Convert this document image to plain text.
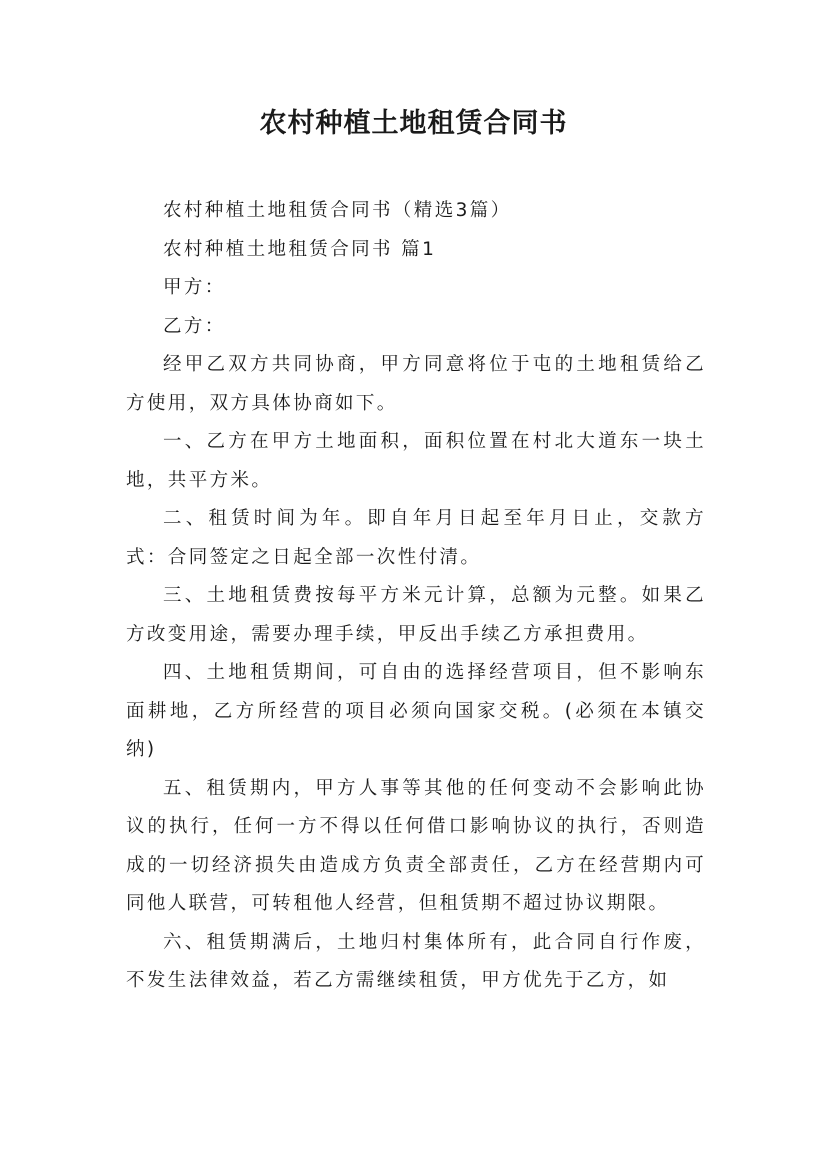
农村种植土地租赁合同书

农村种植土地租赁合同书（精选3篇）

农村种植土地租赁合同书 篇1

甲方：

乙方：

经甲乙双方共同协商，甲方同意将位于屯的土地租赁给乙方使用，双方具体协商如下。

一、乙方在甲方土地面积，面积位置在村北大道东一块土地，共平方米。

二、租赁时间为年。即自年月日起至年月日止，交款方式：合同签定之日起全部一次性付清。

三、土地租赁费按每平方米元计算，总额为元整。如果乙方改变用途，需要办理手续，甲反出手续乙方承担费用。

四、土地租赁期间，可自由的选择经营项目，但不影响东面耕地，乙方所经营的项目必须向国家交税。(必须在本镇交纳)

五、租赁期内，甲方人事等其他的任何变动不会影响此协议的执行，任何一方不得以任何借口影响协议的执行，否则造成的一切经济损失由造成方负责全部责任，乙方在经营期内可同他人联营，可转租他人经营，但租赁期不超过协议期限。

六、租赁期满后，土地归村集体所有，此合同自行作废，不发生法律效益，若乙方需继续租赁，甲方优先于乙方，如
